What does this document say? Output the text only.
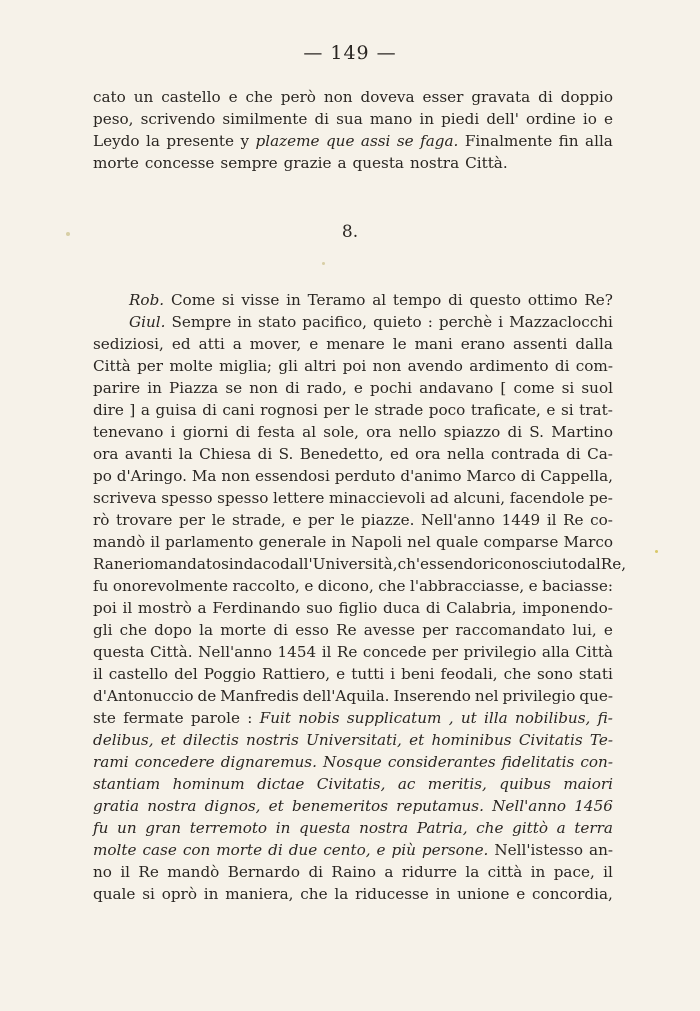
— 149 —
cato un castello e che però non doveva esser gravata di doppio
peso, scrivendo similmente di sua mano in piedi dell' ordine io e
Leydo la presente y plazeme que assi se faga. Finalmente fin alla
morte concesse sempre grazie a questa nostra Città.
8.
Rob. Come si visse in Teramo al tempo di questo ottimo Re?
Giul. Sempre in stato pacifico, quieto : perchè i Mazzaclocchi
sediziosi, ed atti a mover, e menare le mani erano assenti dalla
Città per molte miglia; gli altri poi non avendo ardimento di com-
parire in Piazza se non di rado, e pochi andavano [ come si suol
dire ] a guisa di cani rognosi per le strade poco traficate, e si trat-
tenevano i giorni di festa al sole, ora nello spiazzo di S. Martino
ora avanti la Chiesa di S. Benedetto, ed ora nella contrada di Ca-
po d'Aringo. Ma non essendosi perduto d'animo Marco di Cappella,
scriveva spesso spesso lettere minaccievoli ad alcuni, facendole pe-
rò trovare per le strade, e per le piazze. Nell'anno 1449 il Re co-
mandò il parlamento generale in Napoli nel quale comparse Marco
Ranerio mandato sindaco dall'Università, ch'essendo riconosciuto dal Re,
fu onorevolmente raccolto, e dicono, che l'abbracciasse, e baciasse:
poi il mostrò a Ferdinando suo figlio duca di Calabria, imponendo-
gli che dopo la morte di esso Re avesse per raccomandato lui, e
questa Città. Nell'anno 1454 il Re concede per privilegio alla Città
il castello del Poggio Rattiero, e tutti i beni feodali, che sono stati
d'Antonuccio de Manfredis dell'Aquila. Inserendo nel privilegio que-
ste fermate parole : Fuit nobis supplicatum , ut illa nobilibus, fi-
delibus, et dilectis nostris Universitati, et hominibus Civitatis Te-
rami concedere dignaremus. Nosque considerantes fidelitatis con-
stantiam hominum dictae Civitatis, ac meritis, quibus maiori
gratia nostra dignos, et benemeritos reputamus. Nell'anno 1456
fu un gran terremoto in questa nostra Patria, che gittò a terra
molte case con morte di due cento, e più persone. Nell'istesso an-
no il Re mandò Bernardo di Raino a ridurre la città in pace, il
quale si oprò in maniera, che la riducesse in unione e concordia,
